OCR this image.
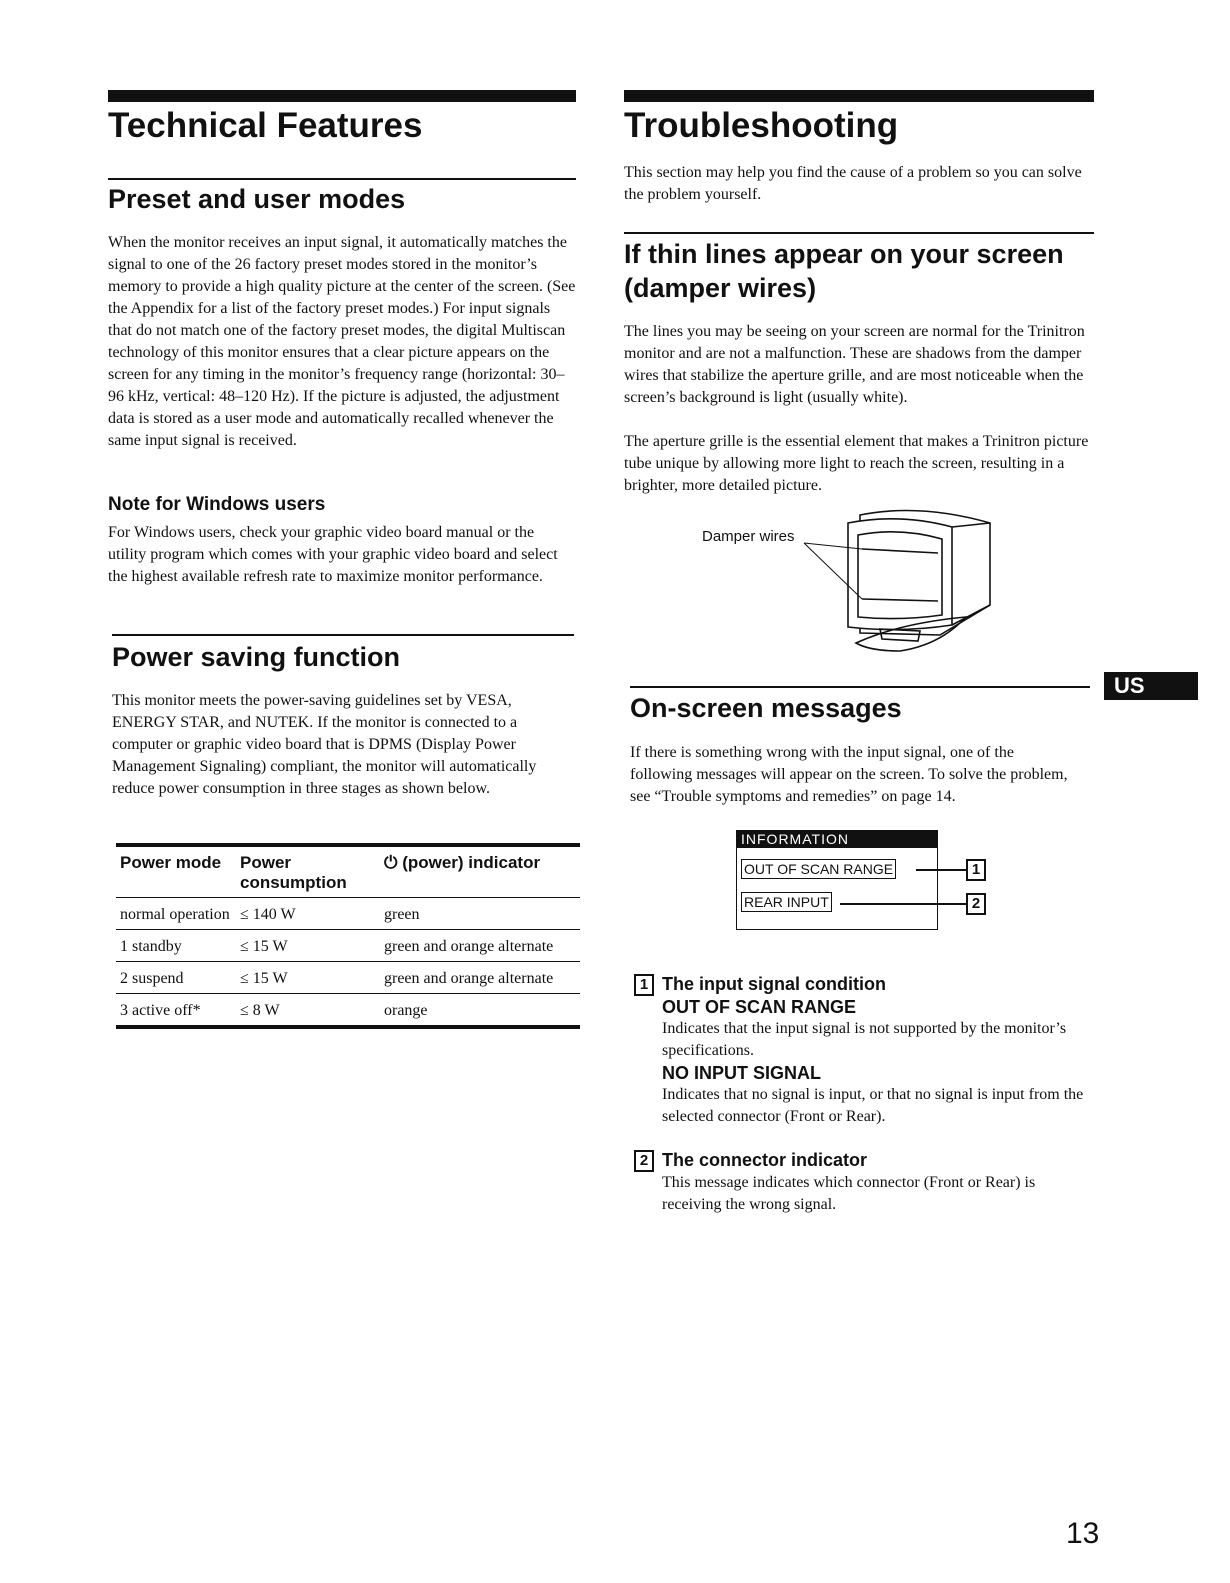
Technical Features
Preset and user modes

When the monitor receives an input signal, it automatically matches the signal to one of the 26 factory preset modes stored in the monitor’s memory to provide a high quality picture at the center of the screen. (See the Appendix for a list of the factory preset modes.) For input signals that do not match one of the factory preset modes, the digital Multiscan technology of this monitor ensures that a clear picture appears on the screen for any timing in the monitor’s frequency range (horizontal: 30–96 kHz, vertical: 48–120 Hz). If the picture is adjusted, the adjustment data is stored as a user mode and automatically recalled whenever the same input signal is received.

Note for Windows users

For Windows users, check your graphic video board manual or the utility program which comes with your graphic video board and select the highest available refresh rate to maximize monitor performance.

Power saving function

This monitor meets the power-saving guidelines set by VESA, ENERGY STAR, and NUTEK. If the monitor is connected to a computer or graphic video board that is DPMS (Display Power Management Signaling) compliant, the monitor will automatically reduce power consumption in three stages as shown below.

Power mode	Power consumption	⏻ (power) indicator
normal operation	≤ 140 W	green
1 standby	≤ 15 W	green and orange alternate
2 suspend	≤ 15 W	green and orange alternate
3 active off*	≤ 8 W	orange
Troubleshooting

This section may help you find the cause of a problem so you can solve the problem yourself.

If thin lines appear on your screen (damper wires)

The lines you may be seeing on your screen are normal for the Trinitron monitor and are not a malfunction. These are shadows from the damper wires that stabilize the aperture grille, and are most noticeable when the screen’s background is light (usually white).

The aperture grille is the essential element that makes a Trinitron picture tube unique by allowing more light to reach the screen, resulting in a brighter, more detailed picture.

Damper wires
US
On-screen messages

If there is something wrong with the input signal, one of the following messages will appear on the screen. To solve the problem, see “Trouble symptoms and remedies” on page 14.

INFORMATION
OUT OF SCAN RANGE
REAR INPUT
1
2
1 The input signal condition
OUT OF SCAN RANGE

Indicates that the input signal is not supported by the monitor’s specifications.

NO INPUT SIGNAL

Indicates that no signal is input, or that no signal is input from the selected connector (Front or Rear).

2 The connector indicator

This message indicates which connector (Front or Rear) is receiving the wrong signal.

13
